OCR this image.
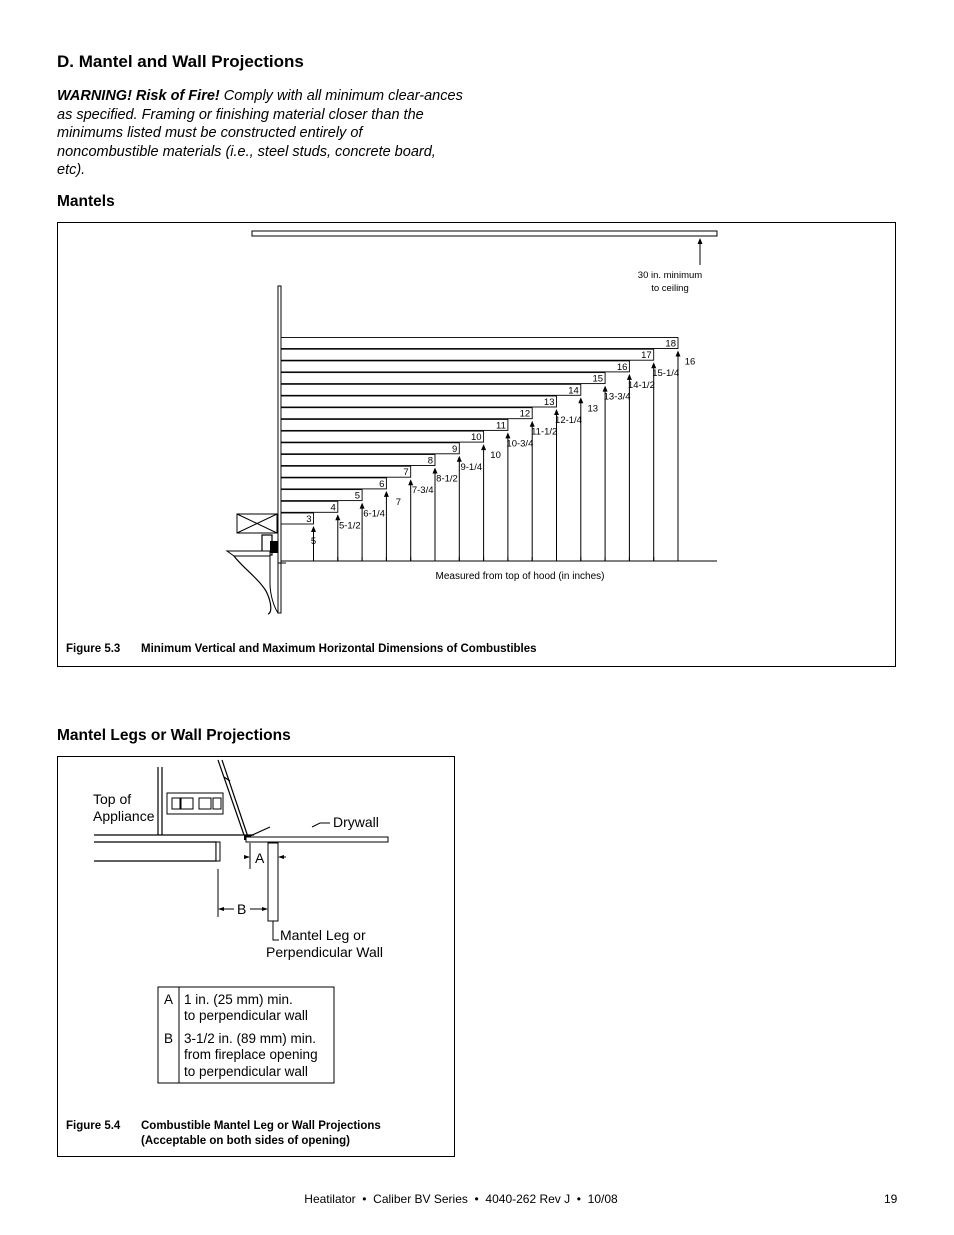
D. Mantel and Wall Projections

WARNING! Risk of Fire! Comply with all minimum clear-ances as specified. Framing or finishing material closer than the minimums listed must be constructed entirely of noncombustible materials (i.e., steel studs, concrete board, etc).

Mantels
30 in. minimum
to ceiling
Measured from top of hood (in inches)
3
5
4
5-1/2
5
6-1/4
6
7
7
7-3/4
8
8-1/2
9
9-1/4
10
10
11
10-3/4
12
11-1/2
13
12-1/4
14
13
15
13-3/4
16
14-1/2
17
15-1/4
18
16
Figure 5.3 Minimum Vertical and Maximum Horizontal Dimensions of Combustibles
Mantel Legs or Wall Projections
Drywall
Top of
Appliance
A
B
Mantel Leg or
Perpendicular Wall
A 1 in. (25 mm) min.
to perpendicular wall
B 3-1/2 in. (89 mm) min.
from fireplace opening
to perpendicular wall
Figure 5.4 Combustible Mantel Leg or Wall Projections
(Acceptable on both sides of opening)
Heatilator  •  Caliber BV Series  •  4040-262 Rev J  •  10/08	19
